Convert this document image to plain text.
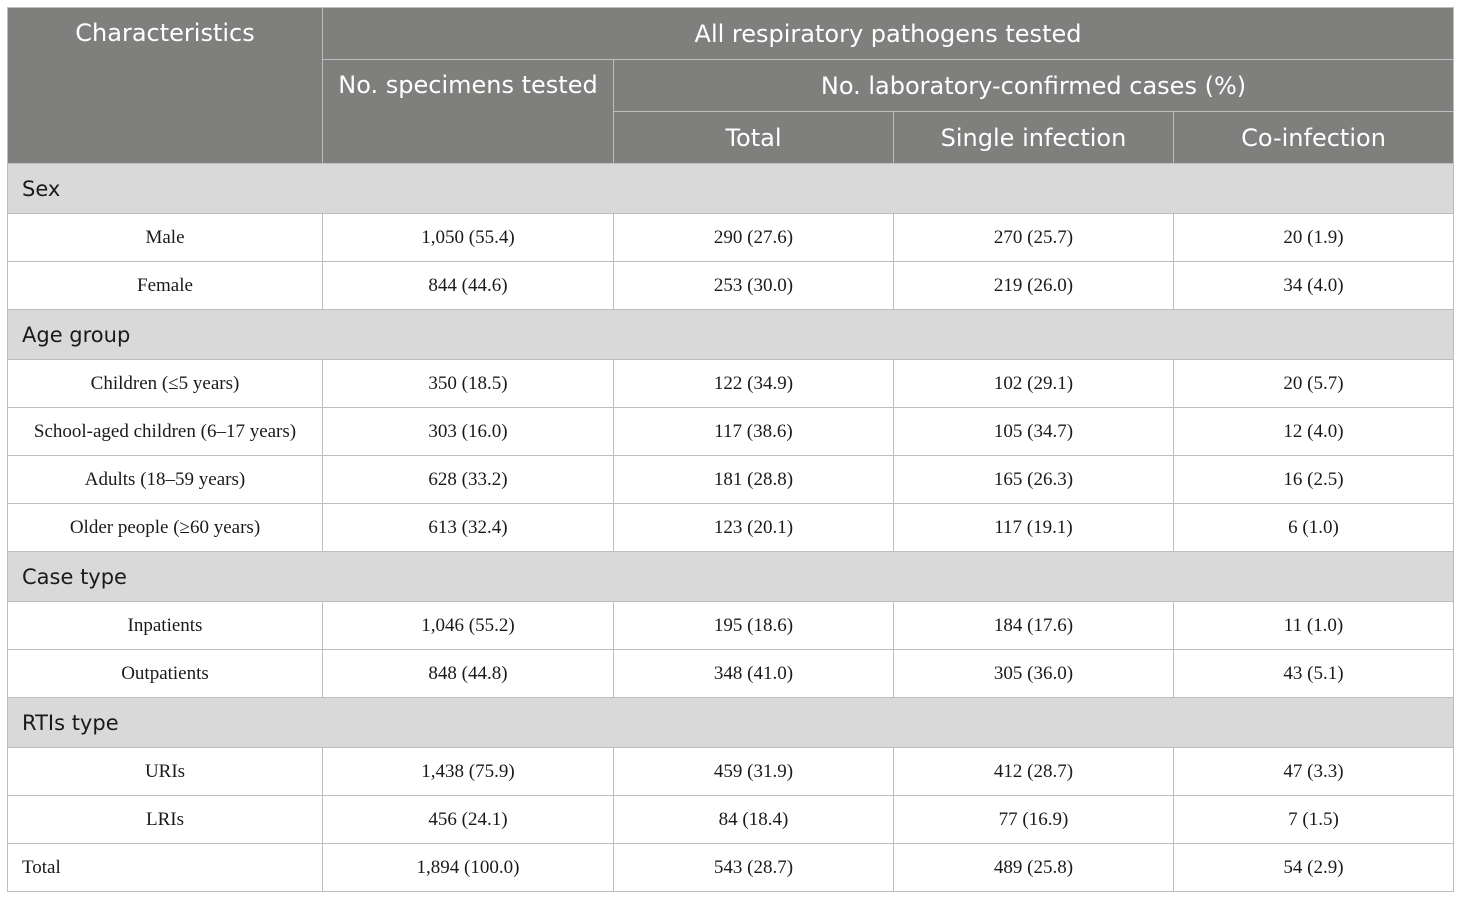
Characteristics	All respiratory pathogens tested			
	No. specimens tested	No. laboratory-confirmed cases (%)		
		Total	Single infection	Co-infection
Sex				
Male	1,050 (55.4)	290 (27.6)	270 (25.7)	20 (1.9)
Female	844 (44.6)	253 (30.0)	219 (26.0)	34 (4.0)
Age group				
Children (≤5 years)	350 (18.5)	122 (34.9)	102 (29.1)	20 (5.7)
School-aged children (6–17 years)	303 (16.0)	117 (38.6)	105 (34.7)	12 (4.0)
Adults (18–59 years)	628 (33.2)	181 (28.8)	165 (26.3)	16 (2.5)
Older people (≥60 years)	613 (32.4)	123 (20.1)	117 (19.1)	6 (1.0)
Case type				
Inpatients	1,046 (55.2)	195 (18.6)	184 (17.6)	11 (1.0)
Outpatients	848 (44.8)	348 (41.0)	305 (36.0)	43 (5.1)
RTIs type				
URIs	1,438 (75.9)	459 (31.9)	412 (28.7)	47 (3.3)
LRIs	456 (24.1)	84 (18.4)	77 (16.9)	7 (1.5)
Total	1,894 (100.0)	543 (28.7)	489 (25.8)	54 (2.9)
